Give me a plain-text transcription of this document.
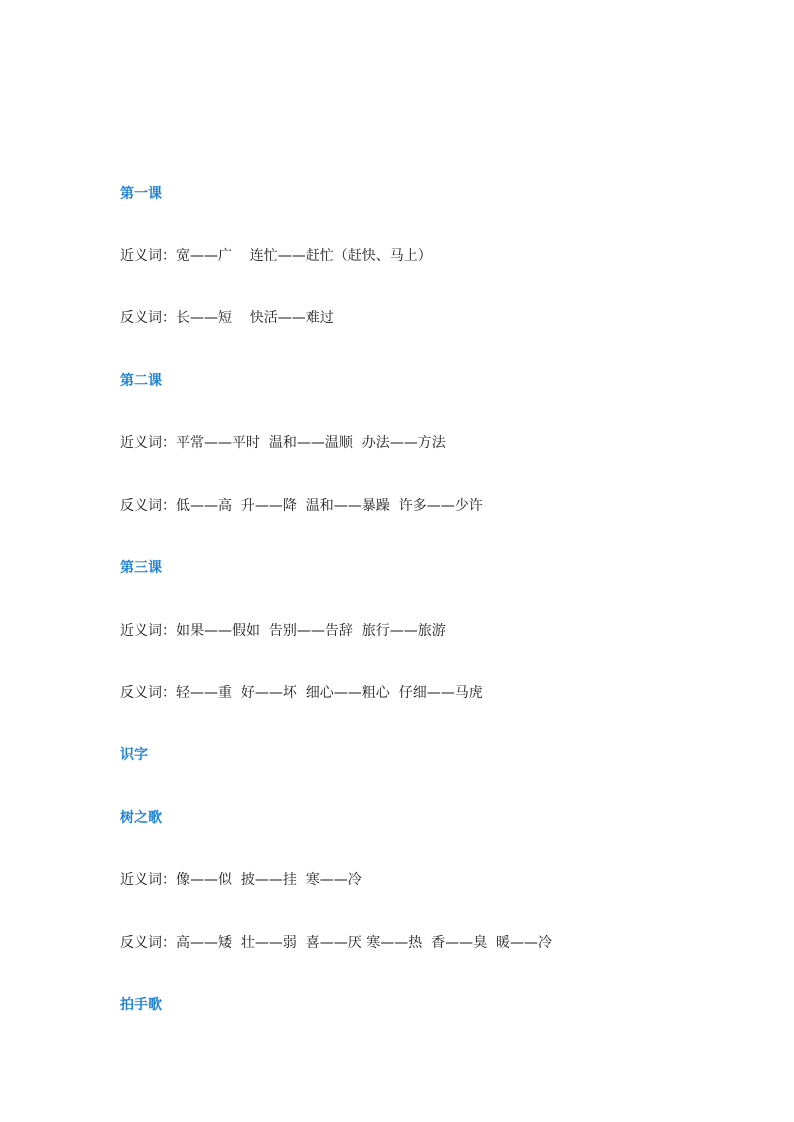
第一课
近义词：宽——广    连忙——赶忙（赶快、马上）
反义词：长——短    快活——难过
第二课
近义词：平常——平时  温和——温顺  办法——方法
反义词：低——高  升——降  温和——暴躁  许多——少许
第三课
近义词：如果——假如  告别——告辞  旅行——旅游
反义词：轻——重  好——坏  细心——粗心  仔细——马虎
识字
树之歌
近义词：像——似  披——挂  寒——冷
反义词：高——矮  壮——弱  喜——厌 寒——热  香——臭  暖——冷
拍手歌
